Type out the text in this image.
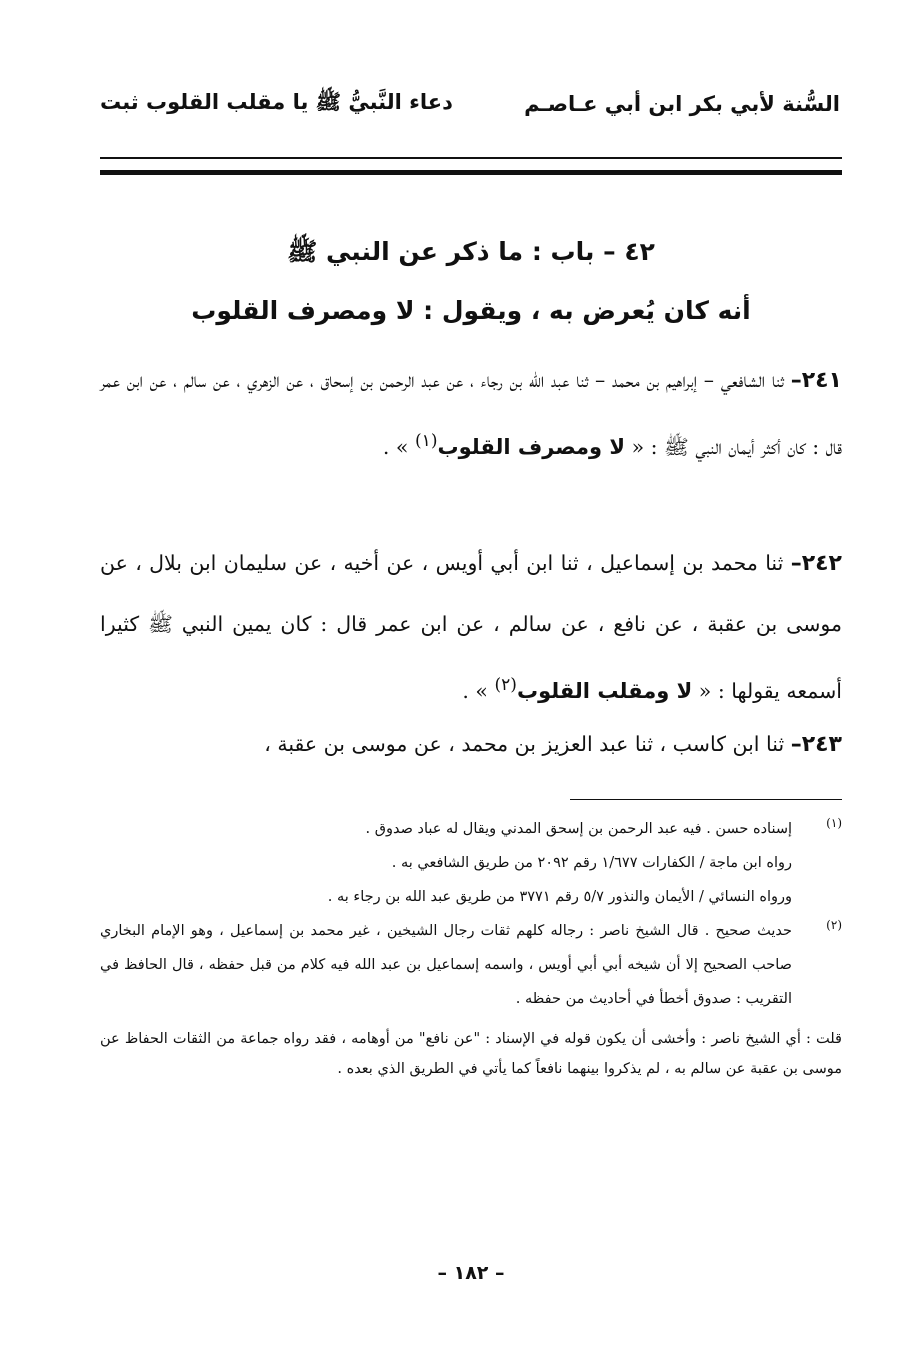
السُّنة لأبي بكر ابن أبي عـاصـم
دعاء النَّبيُّ ﷺ يا مقلب القلوب ثبت
٤٢ – باب : ما ذكر عن النبي ﷺ
أنه كان يُعرض به ، ويقول : لا ومصرف القلوب
٢٤١– ثنا الشافعي – إبراهيم بن محمد – ثنا عبد الله بن رجاء ، عن عبد الرحمن بن إسحاق ، عن الزهري ، عن سالم ، عن ابن عمر قال : كان أكثر أيمان النبي ﷺ : « لا ومصرف القلوب$^{(١)}$ » .
٢٤٢– ثنا محمد بن إسماعيل ، ثنا ابن أبي أويس ، عن أخيه ، عن سليمان ابن بلال ، عن موسى بن عقبة ، عن نافع ، عن سالم ، عن ابن عمر قال : كان يمين النبي ﷺ كثيرا أسمعه يقولها : « لا ومقلب القلوب$^{(٢)}$ » .
٢٤٣– ثنا ابن كاسب ، ثنا عبد العزيز بن محمد ، عن موسى بن عقبة ،
(١)

إسناده حسن . فيه عبد الرحمن بن إسحق المدني ويقال له عباد صدوق .

رواه ابن ماجة / الكفارات ١/٦٧٧ رقم ٢٠٩٢ من طريق الشافعي به .

ورواه النسائي / الأيمان والنذور ٥/٧ رقم ٣٧٧١ من طريق عبد الله بن رجاء به .

(٢)

حديث صحيح . قال الشيخ ناصر : رجاله كلهم ثقات رجال الشيخين ، غير محمد بن إسماعيل ، وهو الإمام البخاري صاحب الصحيح إلا أن شيخه أبي أبي أويس ، واسمه إسماعيل بن عبد الله فيه كلام من قبل حفظه ، قال الحافظ في التقريب : صدوق أخطأ في أحاديث من حفظه .

قلت : أي الشيخ ناصر : وأخشى أن يكون قوله في الإسناد : "عن نافع" من أوهامه ، فقد رواه جماعة من الثقات الحفاظ عن موسى بن عقبة عن سالم به ، لم يذكروا بينهما نافعاً كما يأتي في الطريق الذي بعده .

– ١٨٢ –
